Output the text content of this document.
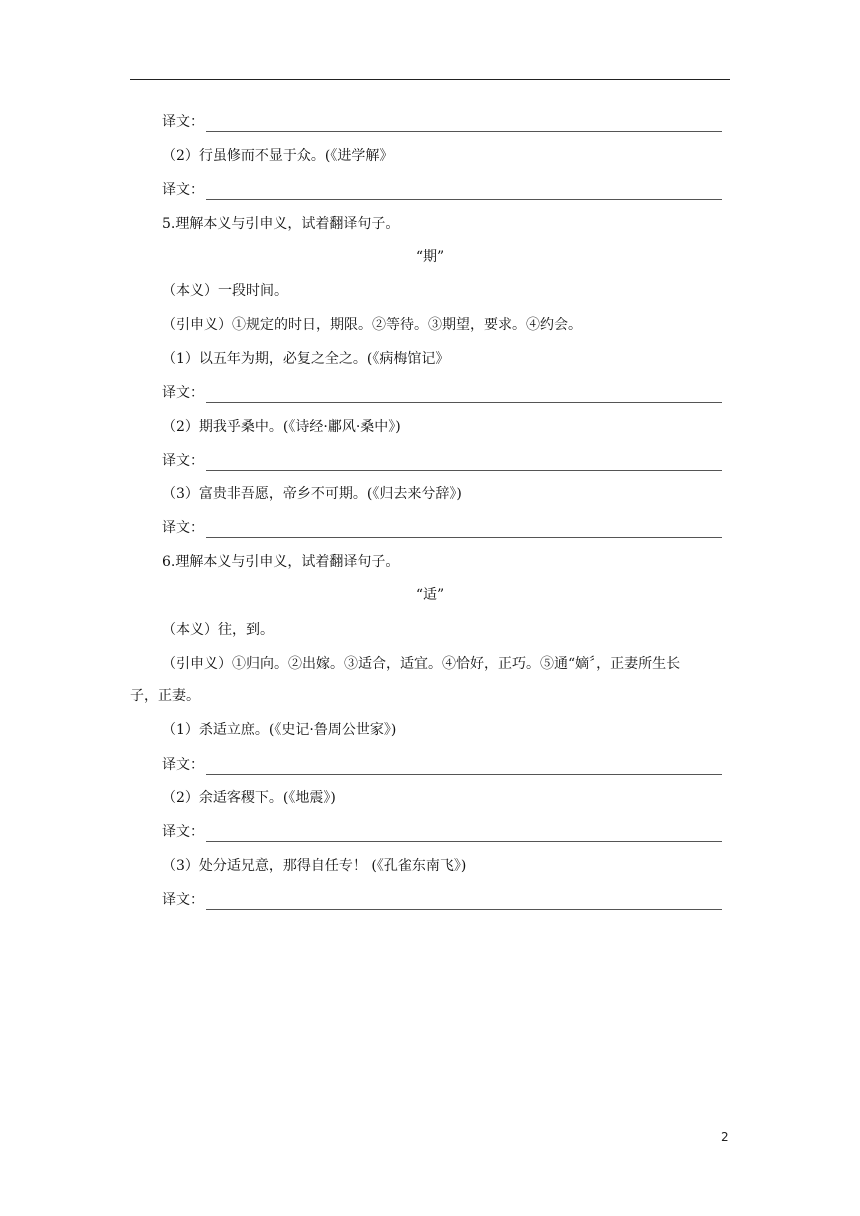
译文：
（2）行虽修而不显于众。(《进学解》
译文：
5.理解本义与引申义，试着翻译句子。
“期”
（本义）一段时间。
（引申义）①规定的时日，期限。②等待。③期望，要求。④约会。
（1）以五年为期，必复之全之。(《病梅馆记》
译文：
（2）期我乎桑中。(《诗经·鄘风·桑中》)
译文：
（3）富贵非吾愿，帝乡不可期。(《归去来兮辞》)
译文：
6.理解本义与引申义，试着翻译句子。
“适”
（本义）往，到。
（引申义）①归向。②出嫁。③适合，适宜。④恰好，正巧。⑤通“嫡〞，正妻所生长
子，正妻。
（1）杀适立庶。(《史记·鲁周公世家》)
译文：
（2）余适客稷下。(《地震》)
译文：
（3）处分适兄意，那得自任专！ (《孔雀东南飞》)
译文：
2
